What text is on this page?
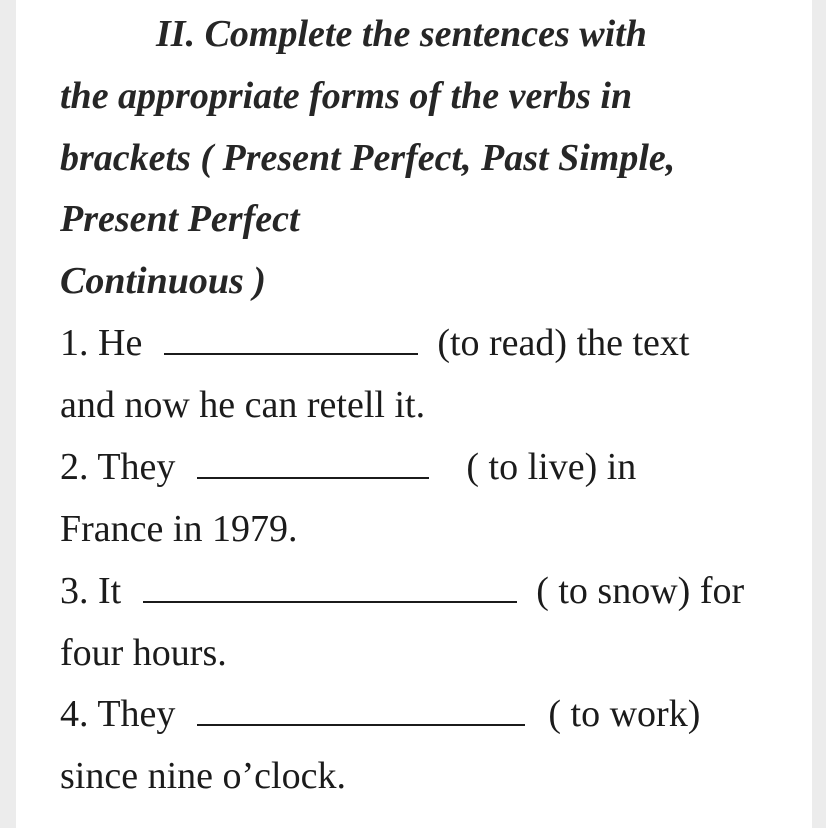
II. Complete the sentences with
the appropriate forms of the verbs in
brackets ( Present Perfect, Past Simple,
Present Perfect
Continuous )
1. He	(to read) the text
and now he can retell it.
2. They	( to live) in
France in 1979.
3. It	( to snow) for
four hours.
4. They	( to work)
since nine o’clock.
